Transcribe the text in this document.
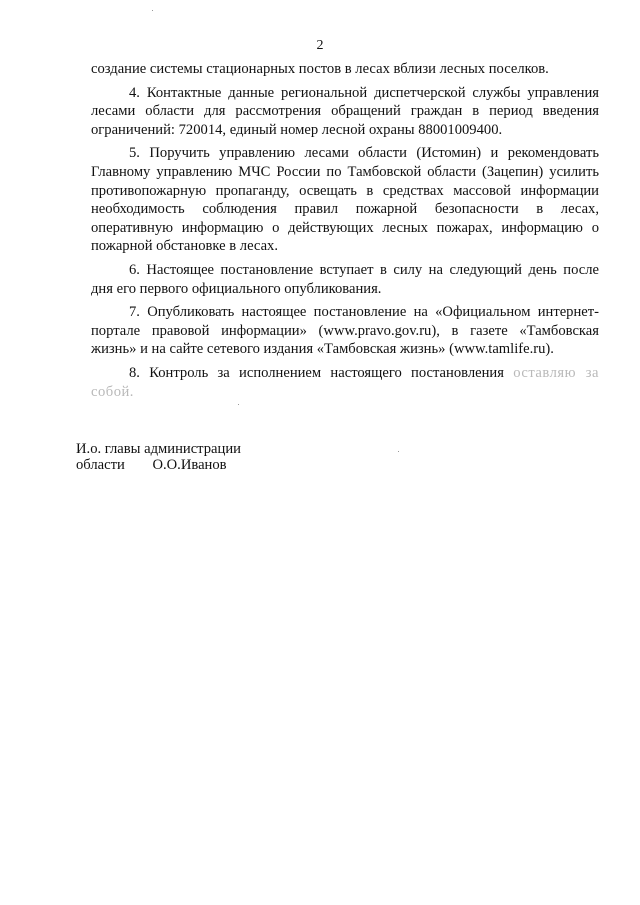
2

создание системы стационарных постов в лесах вблизи лесных поселков.

4. Контактные данные региональной диспетчерской службы управления лесами области для рассмотрения обращений граждан в период введения ограничений: 720014, единый номер лесной охраны 88001009400.

5. Поручить управлению лесами области (Истомин) и рекомендовать Главному управлению МЧС России по Тамбовской области (Зацепин) усилить противопожарную пропаганду, освещать в средствах массовой информации необходимость соблюдения правил пожарной безопасности в лесах, оперативную информацию о действующих лесных пожарах, информацию о пожарной обстановке в лесах.

6. Настоящее постановление вступает в силу на следующий день после дня его первого официального опубликования.

7. Опубликовать настоящее постановление на «Официальном интернет-портале правовой информации» (www.pravo.gov.ru), в газете «Тамбовская жизнь» и на сайте сетевого издания «Тамбовская жизнь» (www.tamlife.ru).

8. Контроль за исполнением настоящего постановления оставляю за собой.

И.о. главы администрации
области О.О.Иванов
